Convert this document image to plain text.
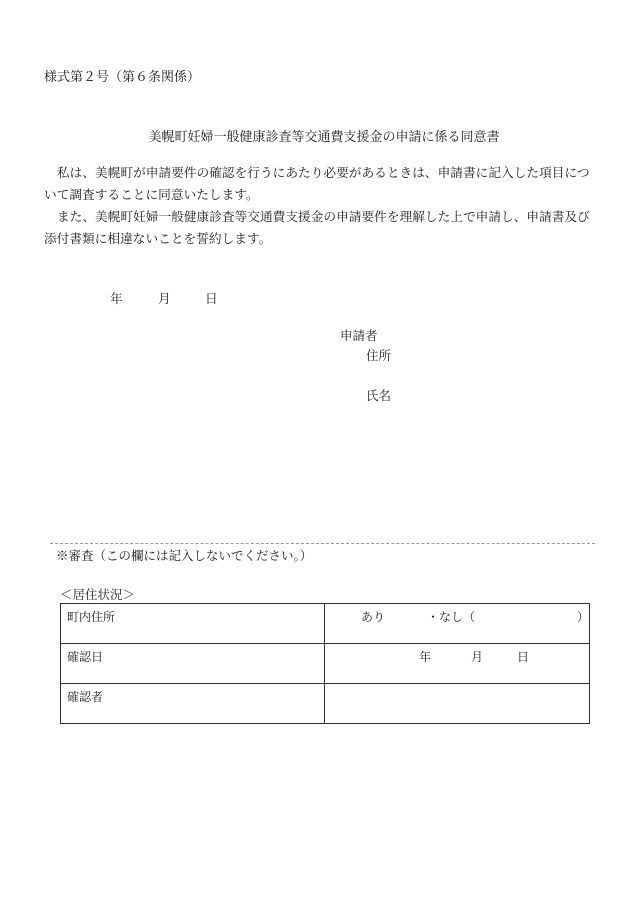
様式第２号（第６条関係）
美幌町妊婦一般健康診査等交通費支援金の申請に係る同意書
私は、美幌町が申請要件の確認を行うにあたり必要があるときは、申請書に記入した項目について調査することに同意いたします。
また、美幌町妊婦一般健康診査等交通費支援金の申請要件を理解した上で申請し、申請書及び添付書類に相違ないことを誓約します。
年	月	日
申請者
住所
氏名
※審査（この欄には記入しないでください。）
＜居住状況＞
町内住所	あり ・なし（ ）

確認日	年 月 日

確認者	
